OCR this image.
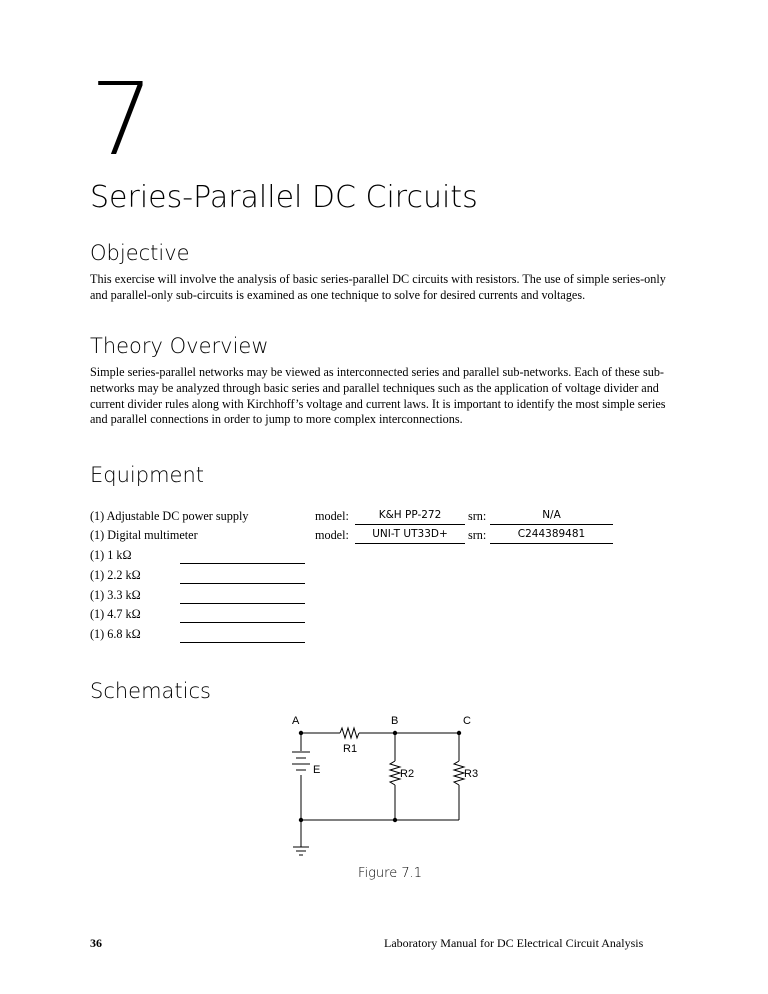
7
Series-Parallel DC Circuits
Objective
This exercise will involve the analysis of basic series-parallel DC circuits with resistors. The use of simple series-only and parallel-only sub-circuits is examined as one technique to solve for desired currents and voltages.
Theory Overview
Simple series-parallel networks may be viewed as interconnected series and parallel sub-networks. Each of these sub-networks may be analyzed through basic series and parallel techniques such as the application of voltage divider and current divider rules along with Kirchhoff’s voltage and current laws. It is important to identify the most simple series and parallel connections in order to jump to more complex interconnections.
Equipment
(1) Adjustable DC power supply	model:	K&H PP-272	srn:	N/A
(1) Digital multimeter	model:	UNI-T UT33D+	srn:	C244389481
(1) 1 kΩ
(1) 2.2 kΩ
(1) 3.3 kΩ
(1) 4.7 kΩ
(1) 6.8 kΩ
Schematics
A	B	C
R1
R2	R3
E
Figure 7.1
36	Laboratory Manual for DC Electrical Circuit Analysis
